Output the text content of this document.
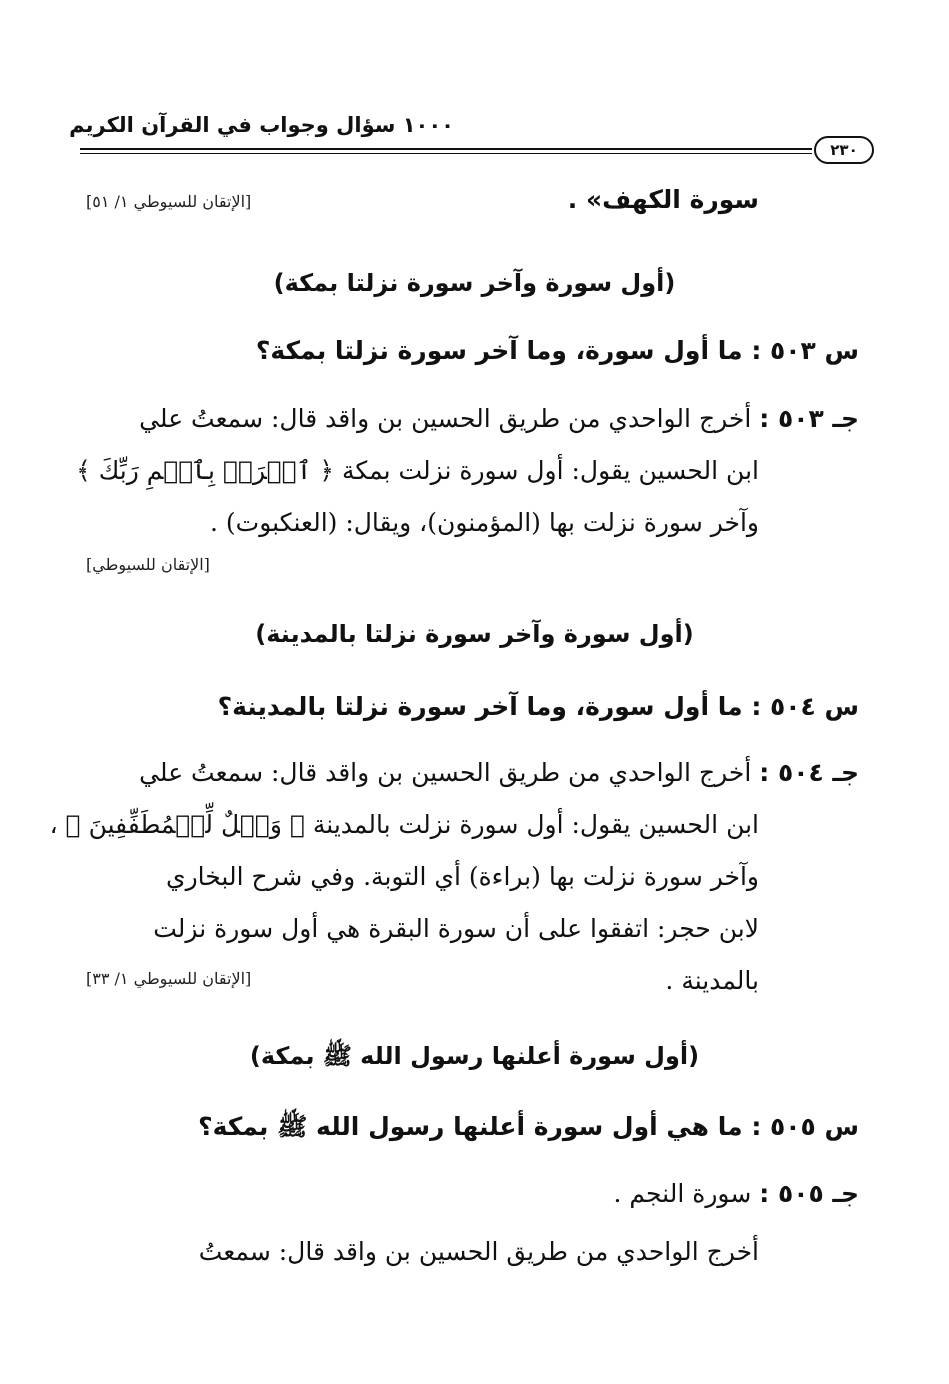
١٠٠٠ سؤال وجواب في القرآن الكريم
٢٣٠
سورة الكهف» .
[الإتقان للسيوطي ١/ ٥١]
(أول سورة وآخر سورة نزلتا بمكة)
س ٥٠٣ : ما أول سورة، وما آخر سورة نزلتا بمكة؟
جـ ٥٠٣ : أخرج الواحدي من طريق الحسين بن واقد قال: سمعتُ علي
ابن الحسين يقول: أول سورة نزلت بمكة ﴿ ٱقۡرَأۡ بِٱسۡمِ رَبِّكَ ﴾
وآخر سورة نزلت بها (المؤمنون)، ويقال: (العنكبوت) .
[الإتقان للسيوطي]
(أول سورة وآخر سورة نزلتا بالمدينة)
س ٥٠٤ : ما أول سورة، وما آخر سورة نزلتا بالمدينة؟
جـ ٥٠٤ : أخرج الواحدي من طريق الحسين بن واقد قال: سمعتُ علي
ابن الحسين يقول: أول سورة نزلت بالمدينة ﴿ وَيۡلٌ لِّلۡمُطَفِّفِينَ ﴾ ،
وآخر سورة نزلت بها (براءة) أي التوبة. وفي شرح البخاري
لابن حجر: اتفقوا على أن سورة البقرة هي أول سورة نزلت
بالمدينة .
[الإتقان للسيوطي ١/ ٣٣]
(أول سورة أعلنها رسول الله ﷺ بمكة)
س ٥٠٥ : ما هي أول سورة أعلنها رسول الله ﷺ بمكة؟
جـ ٥٠٥ : سورة النجم .
أخرج الواحدي من طريق الحسين بن واقد قال: سمعتُ
